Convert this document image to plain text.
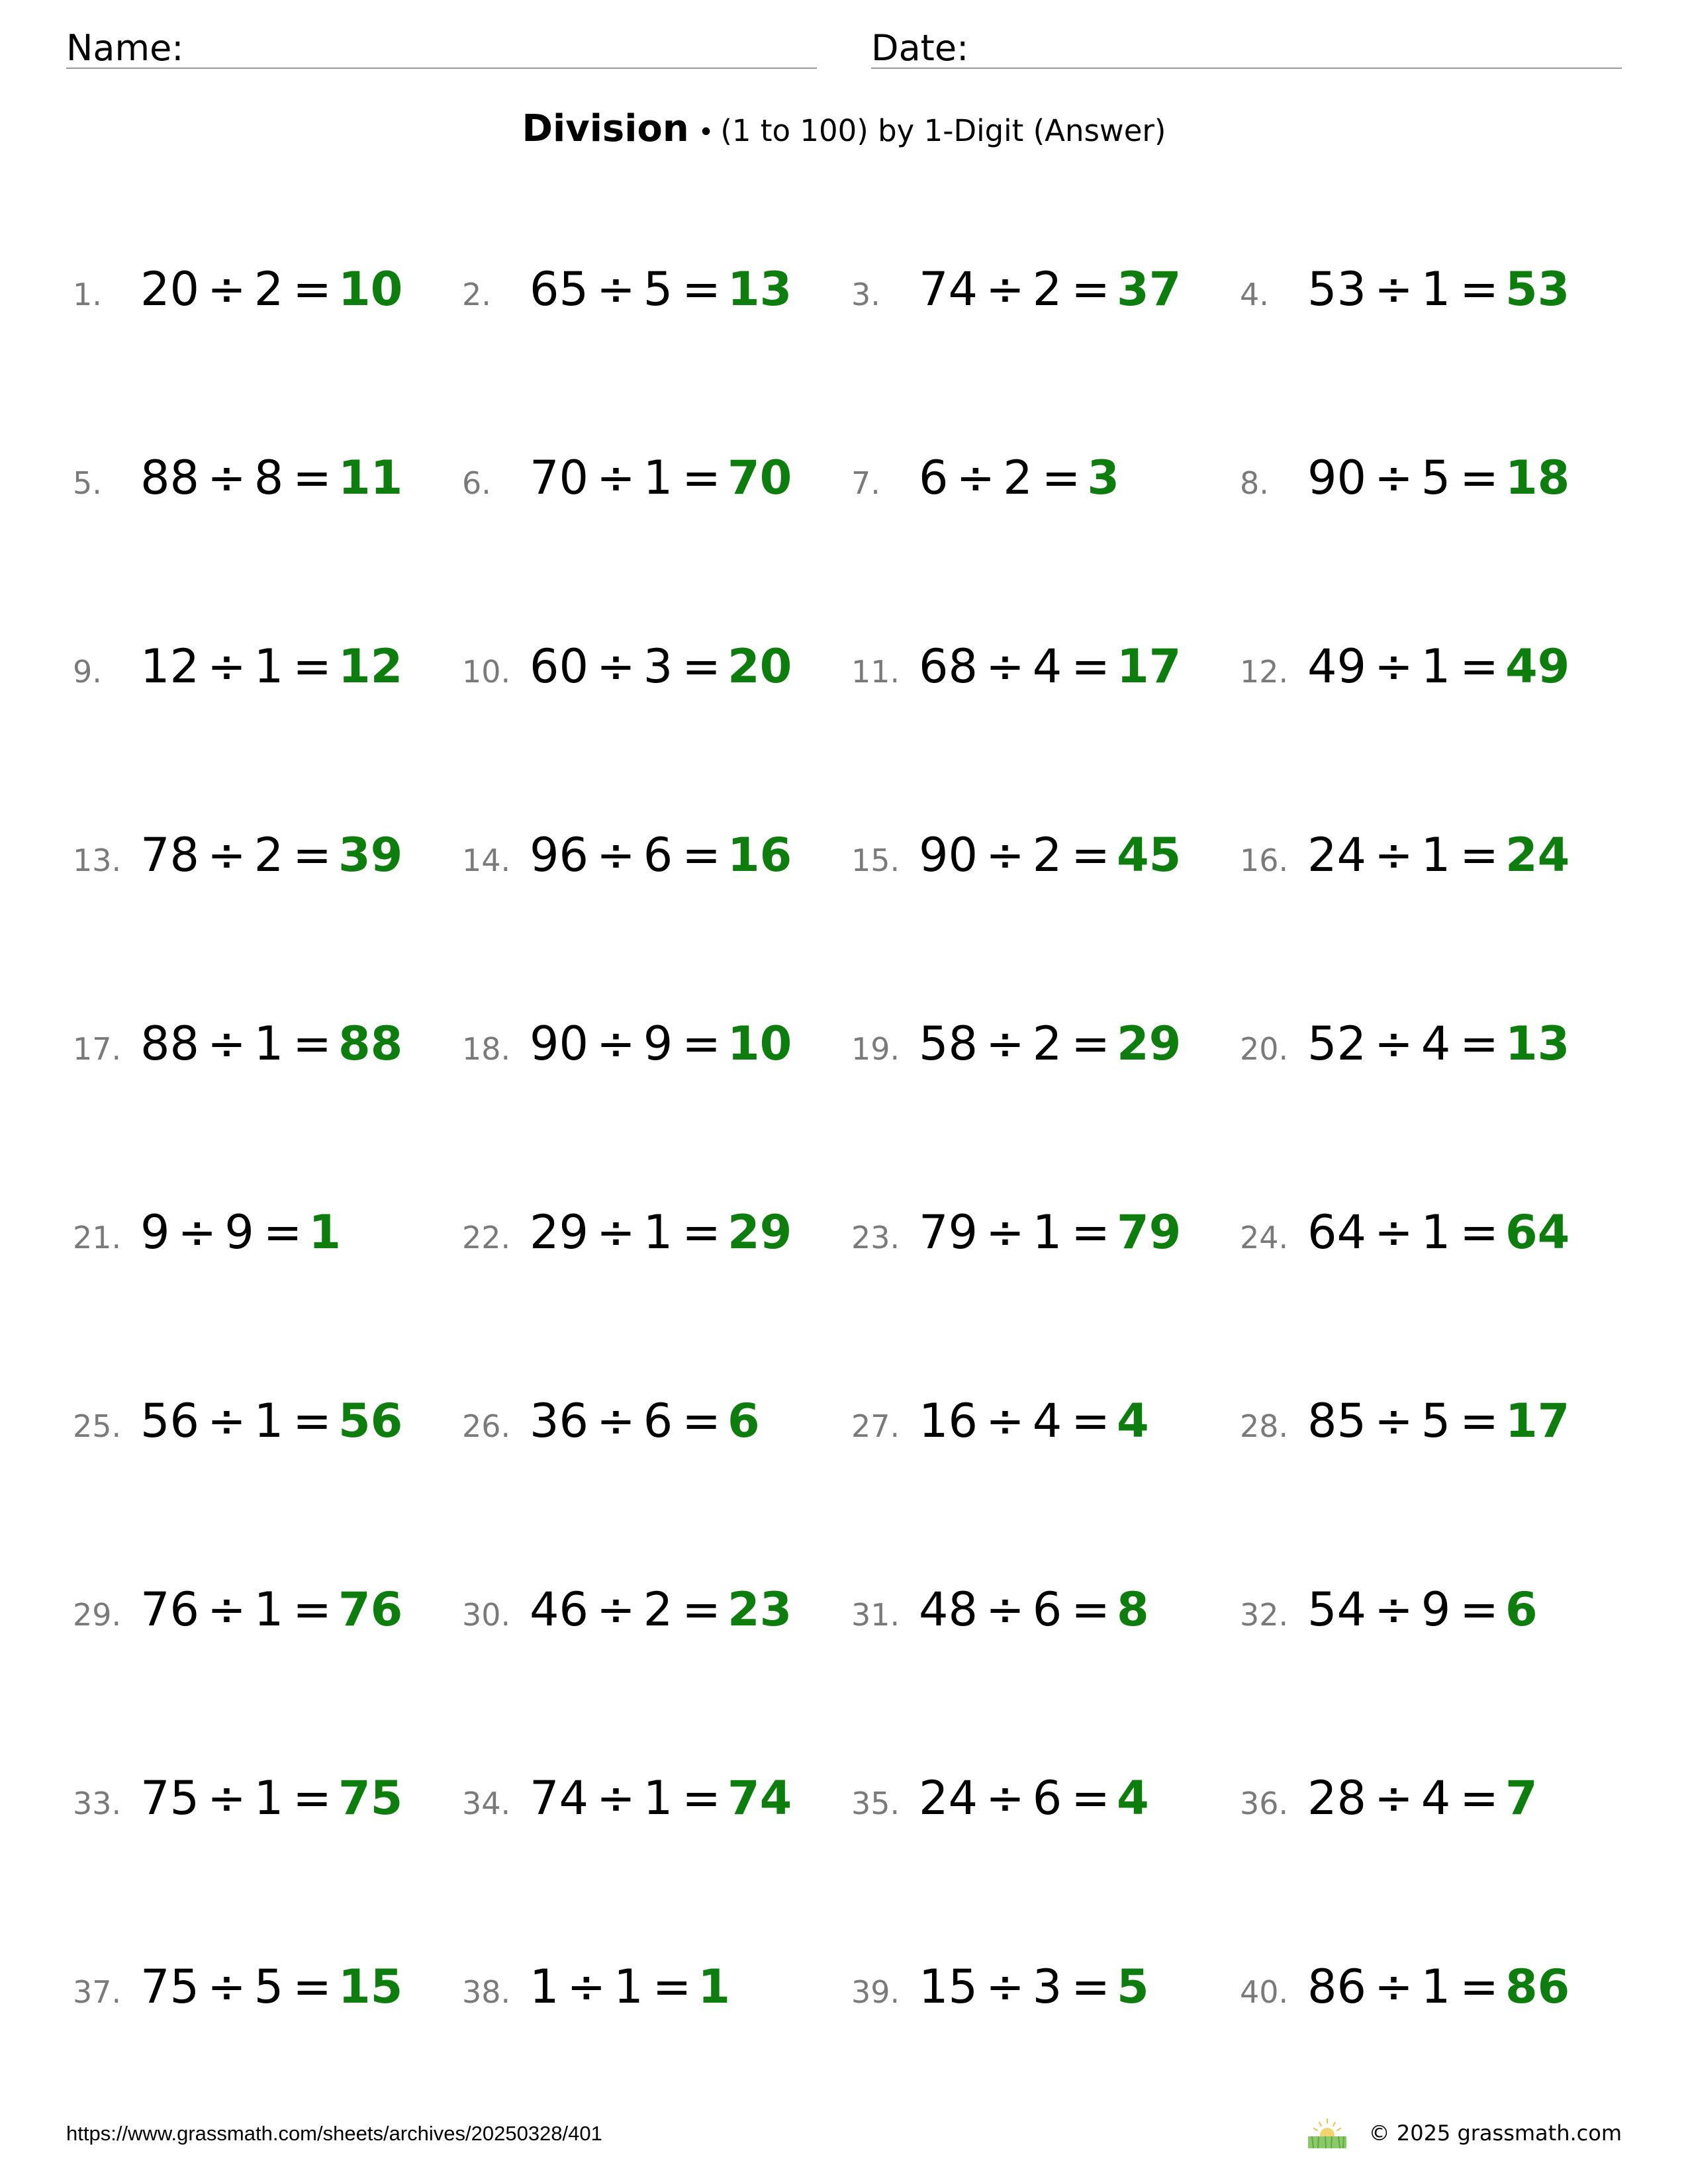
Name:	Date:
Division • (1 to 100) by 1-Digit (Answer)
1. 20 ÷ 2 = 10 2. 65 ÷ 5 = 13 3. 74 ÷ 2 = 37 4. 53 ÷ 1 = 53
5. 88 ÷ 8 = 11 6. 70 ÷ 1 = 70 7. 6 ÷ 2 = 3	8. 90 ÷ 5 = 18
9. 12 ÷ 1 = 12 10. 60 ÷ 3 = 20 11. 68 ÷ 4 = 17 12. 49 ÷ 1 = 49
13. 78 ÷ 2 = 39 14. 96 ÷ 6 = 16 15. 90 ÷ 2 = 45 16. 24 ÷ 1 = 24
17. 88 ÷ 1 = 88 18. 90 ÷ 9 = 10 19. 58 ÷ 2 = 29 20. 52 ÷ 4 = 13
21. 9 ÷ 9 = 1	22. 29 ÷ 1 = 29 23. 79 ÷ 1 = 79 24. 64 ÷ 1 = 64
25. 56 ÷ 1 = 56 26. 36 ÷ 6 = 6	27. 16 ÷ 4 = 4	28. 85 ÷ 5 = 17
29. 76 ÷ 1 = 76 30. 46 ÷ 2 = 23 31. 48 ÷ 6 = 8	32. 54 ÷ 9 = 6
33. 75 ÷ 1 = 75 34. 74 ÷ 1 = 74 35. 24 ÷ 6 = 4	36. 28 ÷ 4 = 7
37. 75 ÷ 5 = 15 38. 1 ÷ 1 = 1	39. 15 ÷ 3 = 5	40. 86 ÷ 1 = 86
https://www.grassmath.com/sheets/archives/20250328/401	© 2025 grassmath.com
